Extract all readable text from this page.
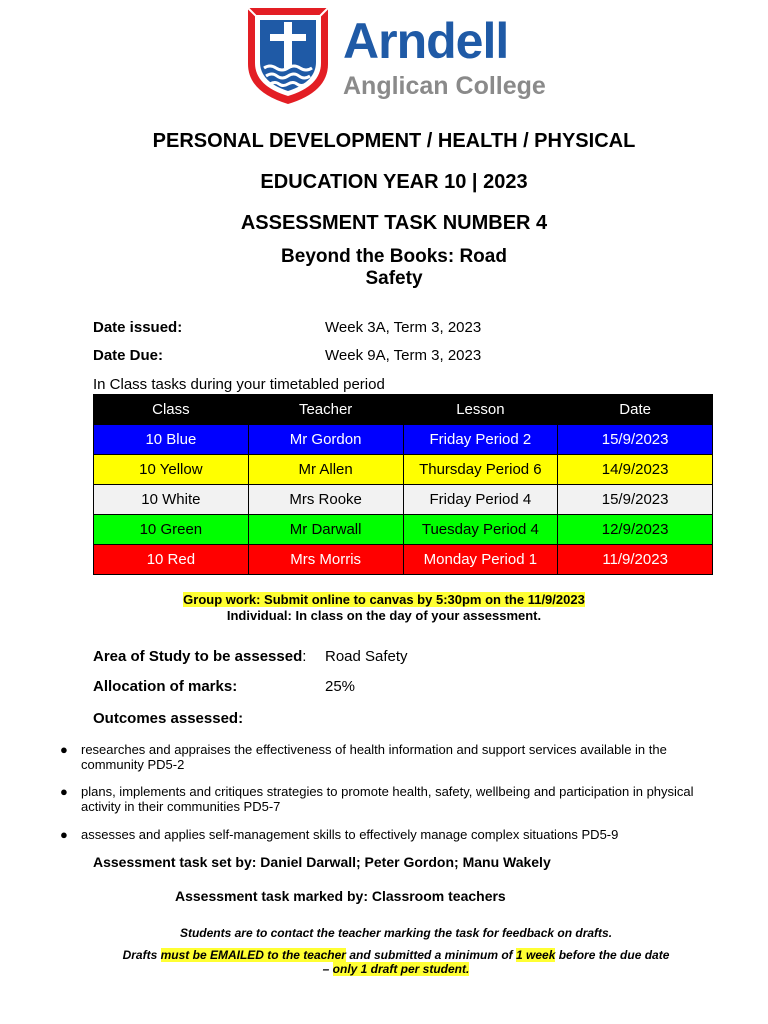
Arndell
Anglican College
PERSONAL DEVELOPMENT / HEALTH / PHYSICAL
EDUCATION YEAR 10 | 2023
ASSESSMENT TASK NUMBER 4
Beyond the Books: Road
Safety
Date issued:	Week 3A, Term 3, 2023
Date Due:	Week 9A, Term 3, 2023
In Class tasks during your timetabled period
Class	Teacher	Lesson	Date
10 Blue	Mr Gordon	Friday Period 2	15/9/2023
10 Yellow	Mr Allen	Thursday Period 6	14/9/2023
10 White	Mrs Rooke	Friday Period 4	15/9/2023
10 Green	Mr Darwall	Tuesday Period 4	12/9/2023
10 Red	Mrs Morris	Monday Period 1	11/9/2023
Group work: Submit online to canvas by 5:30pm on the 11/9/2023
Individual: In class on the day of your assessment.
Area of Study to be assessed: Road Safety
Allocation of marks:	25%
Outcomes assessed:
● researches and appraises the effectiveness of health information and support services available in the community PD5-2
● plans, implements and critiques strategies to promote health, safety, wellbeing and participation in physical activity in their communities PD5-7
● assesses and applies self-management skills to effectively manage complex situations PD5-9
Assessment task set by: Daniel Darwall; Peter Gordon; Manu Wakely
Assessment task marked by: Classroom teachers
Students are to contact the teacher marking the task for feedback on drafts.
Drafts must be EMAILED to the teacher and submitted a minimum of 1 week before the due date
– only 1 draft per student.
